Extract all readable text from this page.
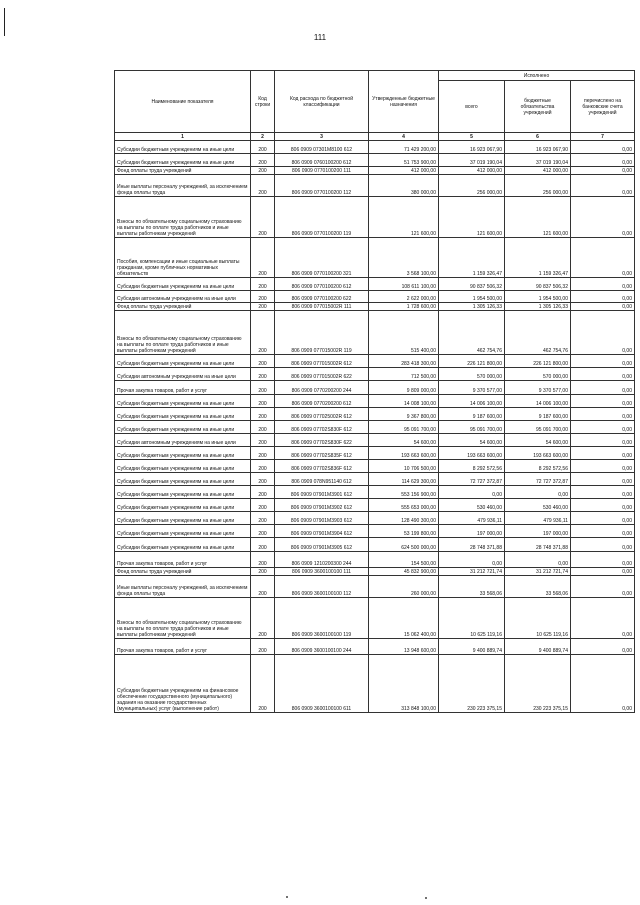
111
Наименование показателя	Код строки	Код расхода по бюджетной классификации	Утвержденные бюджетные назначения	Исполнено		
				всего	бюджетные обязательства учреждений	перечислено на банковские счета учреждений
1	2	3	4	5	6	7
Субсидии бюджетным учреждениям на иные цели	200	806 0909 07301M8100 612	71 429 200,00	16 923 067,90	16 923 067,90	0,00
Субсидии бюджетным учреждениям на иные цели	200	806 0909 0760100200 612	51 753 900,00	37 019 190,04	37 019 190,04	0,00
Фонд оплаты труда учреждений	200	806 0909 0770100200 111	412 000,00	412 000,00	412 000,00	0,00
Иные выплаты персоналу учреждений, за исключением фонда оплаты труда	200	806 0909 0770100200 112	380 000,00	256 000,00	256 000,00	0,00
Взносы по обязательному социальному страхованию на выплаты по оплате труда работников и иные выплаты работникам учреждений	200	806 0909 0770100200 119	121 600,00	121 600,00	121 600,00	0,00
Пособия, компенсации и иные социальные выплаты гражданам, кроме публичных нормативных обязательств	200	806 0909 0770100200 321	3 568 100,00	1 159 326,47	1 159 326,47	0,00
Субсидии бюджетным учреждениям на иные цели	200	806 0909 0770100200 612	108 611 100,00	90 837 506,32	90 837 506,32	0,00
Субсидии автономным учреждениям на иные цели	200	806 0909 0770100200 622	2 622 000,00	1 954 500,00	1 954 500,00	0,00
Фонд оплаты труда учреждений	200	806 0909 077015002R 111	1 728 600,00	1 305 126,33	1 305 126,33	0,00
Взносы по обязательному социальному страхованию на выплаты по оплате труда работников и иные выплаты работникам учреждений	200	806 0909 077015002R 119	515 400,00	462 754,76	462 754,76	0,00
Субсидии бюджетным учреждениям на иные цели	200	806 0909 077015002R 612	283 418 300,00	226 121 800,00	226 121 800,00	0,00
Субсидии автономным учреждениям на иные цели	200	806 0909 077015002R 622	712 500,00	570 000,00	570 000,00	0,00
Прочая закупка товаров, работ и услуг	200	806 0909 0770200200 244	9 809 000,00	9 370 577,00	9 370 577,00	0,00
Субсидии бюджетным учреждениям на иные цели	200	806 0909 0770200200 612	14 008 100,00	14 006 100,00	14 006 100,00	0,00
Субсидии бюджетным учреждениям на иные цели	200	806 0909 077025002R 612	9 367 800,00	9 187 600,00	9 187 600,00	0,00
Субсидии бюджетным учреждениям на иные цели	200	806 0909 07702S830F 612	95 091 700,00	95 091 700,00	95 091 700,00	0,00
Субсидии автономным учреждениям на иные цели	200	806 0909 07702S830F 622	54 600,00	54 600,00	54 600,00	0,00
Субсидии бюджетным учреждениям на иные цели	200	806 0909 07702S835F 612	193 663 600,00	193 663 600,00	193 663 600,00	0,00
Субсидии бюджетным учреждениям на иные цели	200	806 0909 07702S836F 612	10 706 500,00	8 292 572,56	8 292 572,56	0,00
Субсидии бюджетным учреждениям на иные цели	200	806 0909 078N951140 612	114 629 300,00	72 727 372,87	72 727 372,87	0,00
Субсидии бюджетным учреждениям на иные цели	200	806 0909 07901M3901 612	553 156 900,00	0,00	0,00	0,00
Субсидии бюджетным учреждениям на иные цели	200	806 0909 07901M3902 612	555 653 000,00	530 460,00	530 460,00	0,00
Субсидии бюджетным учреждениям на иные цели	200	806 0909 07901M3903 612	128 490 300,00	479 936,11	479 936,11	0,00
Субсидии бюджетным учреждениям на иные цели	200	806 0909 07901M3904 612	53 199 800,00	197 000,00	197 000,00	0,00
Субсидии бюджетным учреждениям на иные цели	200	806 0909 07901M3905 612	624 500 000,00	28 748 371,88	28 748 371,88	0,00
Прочая закупка товаров, работ и услуг	200	806 0909 1210200300 244	154 500,00	0,00	0,00	0,00
Фонд оплаты труда учреждений	200	806 0909 3600100100 111	45 832 900,00	31 212 721,74	31 212 721,74	0,00
Иные выплаты персоналу учреждений, за исключением фонда оплаты труда	200	806 0909 3600100100 112	260 000,00	33 568,06	33 568,06	0,00
Взносы по обязательному социальному страхованию на выплаты по оплате труда работников и иные выплаты работникам учреждений	200	806 0909 3600100100 119	15 062 400,00	10 625 119,16	10 625 119,16	0,00
Прочая закупка товаров, работ и услуг	200	806 0909 3600100100 244	13 948 600,00	9 400 889,74	9 400 889,74	0,00
Субсидии бюджетным учреждениям на финансовое обеспечение государственного (муниципального) задания на оказание государственных (муниципальных) услуг (выполнение работ)	200	806 0909 3600100100 611	313 848 100,00	230 223 375,15	230 223 375,15	0,00
